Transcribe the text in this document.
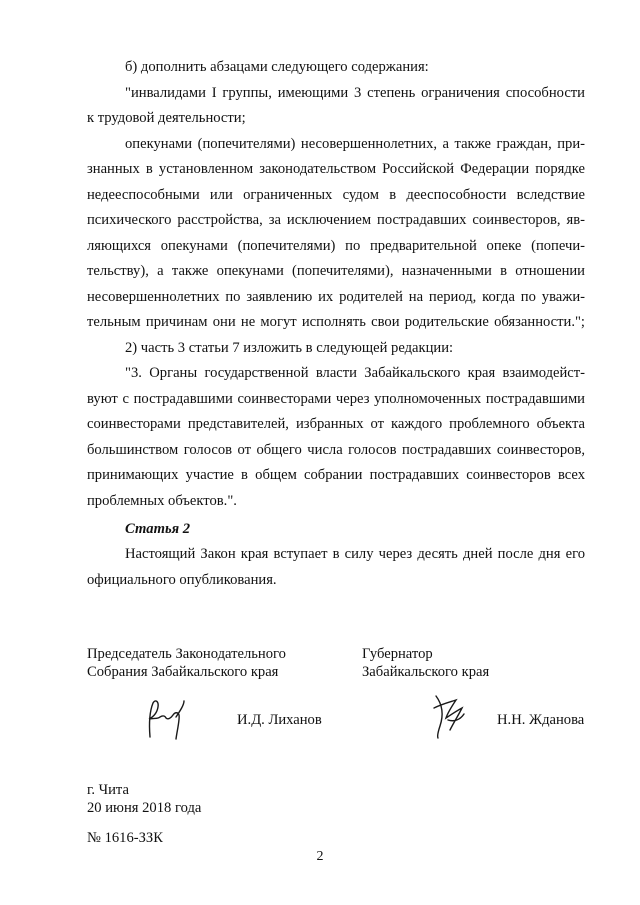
б) дополнить абзацами следующего содержания:
"инвалидами I группы, имеющими 3 степень ограничения способности
к трудовой деятельности;
опекунами (попечителями) несовершеннолетних, а также граждан, при-
знанных в установленном законодательством Российской Федерации порядке
недееспособными или ограниченных судом в дееспособности вследствие
психического расстройства, за исключением пострадавших соинвесторов, яв-
ляющихся опекунами (попечителями) по предварительной опеке (попечи-
тельству), а также опекунами (попечителями), назначенными в отношении
несовершеннолетних по заявлению их родителей на период, когда по уважи-
тельным причинам они не могут исполнять свои родительские обязанности.";
2) часть 3 статьи 7 изложить в следующей редакции:
"3. Органы государственной власти Забайкальского края взаимодейст-
вуют с пострадавшими соинвесторами через уполномоченных пострадавшими
соинвесторами представителей, избранных от каждого проблемного объекта
большинством голосов от общего числа голосов пострадавших соинвесторов,
принимающих участие в общем собрании пострадавших соинвесторов всех
проблемных объектов.".
Статья 2
Настоящий Закон края вступает в силу через десять дней после дня его
официального опубликования.
Председатель Законодательного
Собрания Забайкальского края
Губернатор
Забайкальского края
И.Д. Лиханов	Н.Н. Жданова
г. Чита
20 июня 2018 года
№ 1616-ЗЗК
2
